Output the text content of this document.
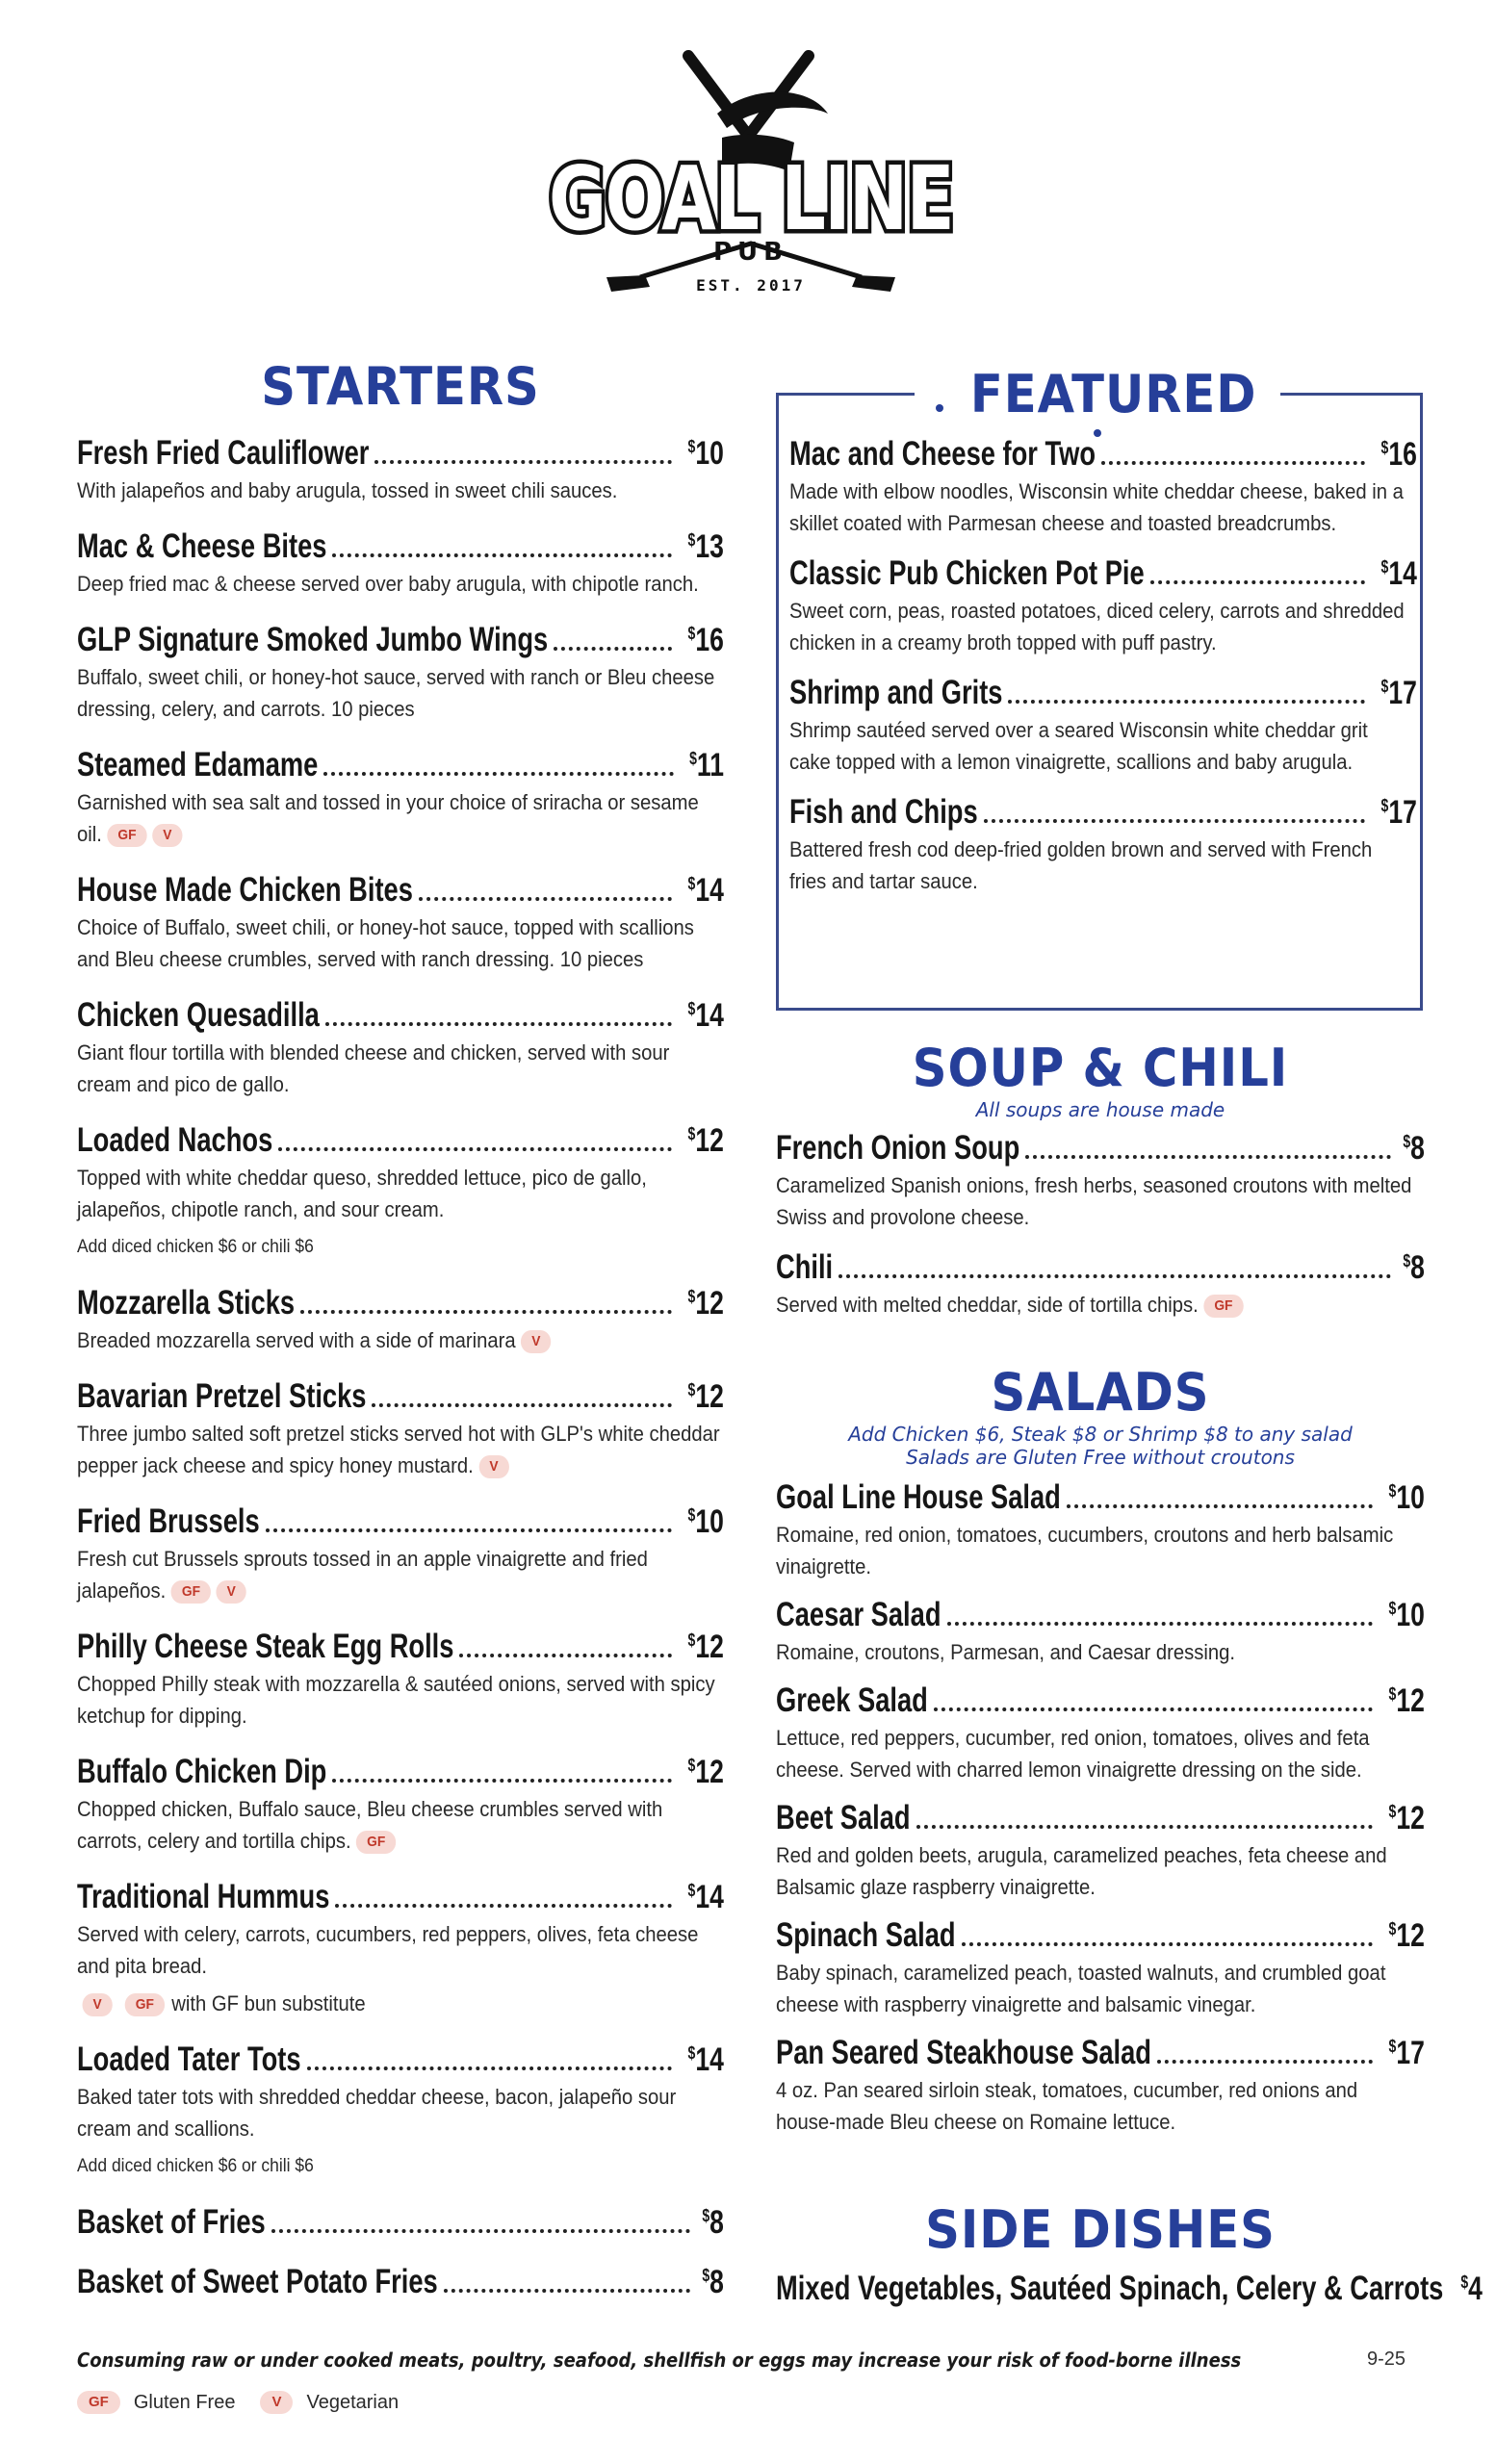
GOAL LINE
PUB
EST. 2017
STARTERS
Fresh Fried Cauliflower	$10
With jalapeños and baby arugula, tossed in sweet chili sauces.
Mac & Cheese Bites	$13
Deep fried mac & cheese served over baby arugula, with chipotle ranch.
GLP Signature Smoked Jumbo Wings	$16
Buffalo, sweet chili, or honey-hot sauce, served with ranch or Bleu cheese dressing, celery, and carrots. 10 pieces
Steamed Edamame	$11
Garnished with sea salt and tossed in your choice of sriracha or sesame oil. GF V
House Made Chicken Bites	$14
Choice of Buffalo, sweet chili, or honey-hot sauce, topped with scallions and Bleu cheese crumbles, served with ranch dressing. 10 pieces
Chicken Quesadilla	$14
Giant flour tortilla with blended cheese and chicken, served with sour cream and pico de gallo.
Loaded Nachos	$12
Topped with white cheddar queso, shredded lettuce, pico de gallo, jalapeños, chipotle ranch, and sour cream.
Add diced chicken $6 or chili $6
Mozzarella Sticks	$12
Breaded mozzarella served with a side of marinara V
Bavarian Pretzel Sticks	$12
Three jumbo salted soft pretzel sticks served hot with GLP's white cheddar pepper jack cheese and spicy honey mustard. V
Fried Brussels	$10
Fresh cut Brussels sprouts tossed in an apple vinaigrette and fried jalapeños. GF V
Philly Cheese Steak Egg Rolls	$12
Chopped Philly steak with mozzarella & sautéed onions, served with spicy ketchup for dipping.
Buffalo Chicken Dip	$12
Chopped chicken, Buffalo sauce, Bleu cheese crumbles served with carrots, celery and tortilla chips. GF
Traditional Hummus	$14
Served with celery, carrots, cucumbers, red peppers, olives, feta cheese and pita bread.
V GF with GF bun substitute
Loaded Tater Tots	$14
Baked tater tots with shredded cheddar cheese, bacon, jalapeño sour cream and scallions.
Add diced chicken $6 or chili $6
Basket of Fries	$8
Basket of Sweet Potato Fries	$8
FEATURED
Mac and Cheese for Two	$16
Made with elbow noodles, Wisconsin white cheddar cheese, baked in a skillet coated with Parmesan cheese and toasted breadcrumbs.
Classic Pub Chicken Pot Pie	$14
Sweet corn, peas, roasted potatoes, diced celery, carrots and shredded chicken in a creamy broth topped with puff pastry.
Shrimp and Grits	$17
Shrimp sautéed served over a seared Wisconsin white cheddar grit cake topped with a lemon vinaigrette, scallions and baby arugula.
Fish and Chips	$17
Battered fresh cod deep-fried golden brown and served with French fries and tartar sauce.
SOUP & CHILI
All soups are house made
French Onion Soup	$8
Caramelized Spanish onions, fresh herbs, seasoned croutons with melted Swiss and provolone cheese.
Chili	$8
Served with melted cheddar, side of tortilla chips. GF
SALADS
Add Chicken $6, Steak $8 or Shrimp $8 to any salad
Salads are Gluten Free without croutons
Goal Line House Salad	$10
Romaine, red onion, tomatoes, cucumbers, croutons and herb balsamic vinaigrette.
Caesar Salad	$10
Romaine, croutons, Parmesan, and Caesar dressing.
Greek Salad	$12
Lettuce, red peppers, cucumber, red onion, tomatoes, olives and feta cheese. Served with charred lemon vinaigrette dressing on the side.
Beet Salad	$12
Red and golden beets, arugula, caramelized peaches, feta cheese and Balsamic glaze raspberry vinaigrette.
Spinach Salad	$12
Baby spinach, caramelized peach, toasted walnuts, and crumbled goat cheese with raspberry vinaigrette and balsamic vinegar.
Pan Seared Steakhouse Salad	$17
4 oz. Pan seared sirloin steak, tomatoes, cucumber, red onions and house-made Bleu cheese on Romaine lettuce.
SIDE DISHES
Mixed Vegetables, Sautéed Spinach, Celery & Carrots $4
Consuming raw or under cooked meats, poultry, seafood, shellfish or eggs may increase your risk of food-borne illness	9-25
GF	Gluten Free	V	Vegetarian
